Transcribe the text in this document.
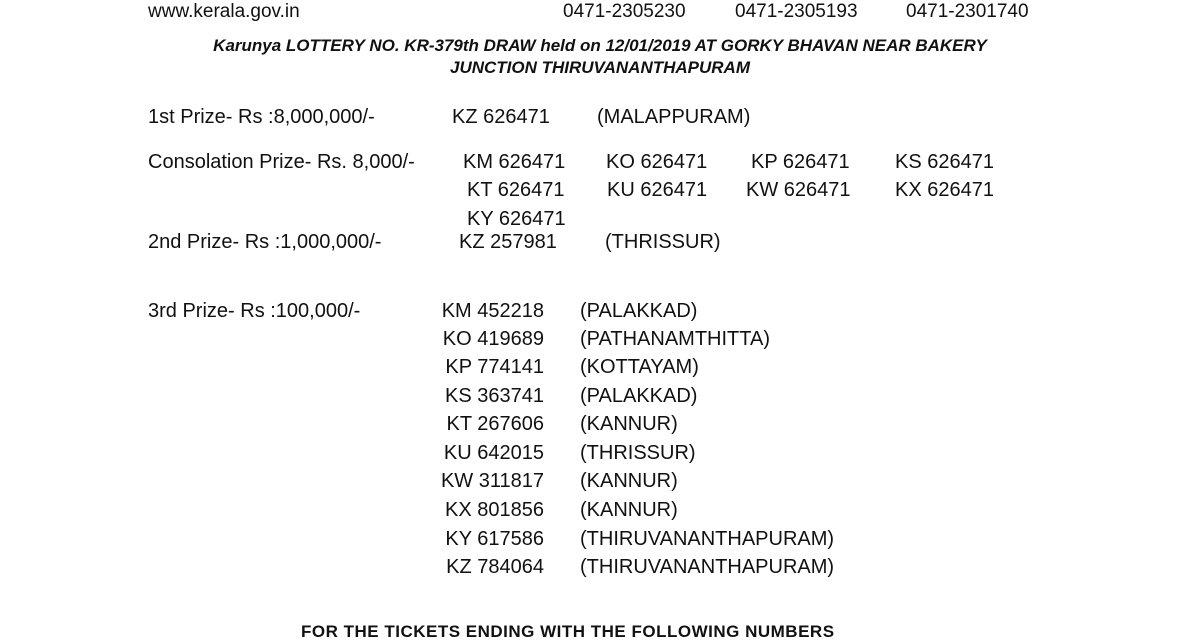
www.kerala.gov.in	0471-2305230	0471-2305193	0471-2301740
Karunya LOTTERY NO. KR-379th DRAW held on 12/01/2019 AT GORKY BHAVAN NEAR BAKERY
JUNCTION THIRUVANANTHAPURAM
1st Prize- Rs :8,000,000/-	KZ 626471 (MALAPPURAM)
Consolation Prize- Rs. 8,000/- KM 626471 KO 626471 KP 626471 KS 626471
KT 626471 KU 626471 KW 626471 KX 626471
KY 626471
2nd Prize- Rs :1,000,000/-	KZ 257981 (THRISSUR)
3rd Prize- Rs :100,000/-	KM 452218 (PALAKKAD)
KO 419689 (PATHANAMTHITTA)
KP 774141 (KOTTAYAM)
KS 363741 (PALAKKAD)
KT 267606 (KANNUR)
KU 642015 (THRISSUR)
KW 311817 (KANNUR)
KX 801856 (KANNUR)
KY 617586 (THIRUVANANTHAPURAM)
KZ 784064 (THIRUVANANTHAPURAM)
FOR THE TICKETS ENDING WITH THE FOLLOWING NUMBERS
